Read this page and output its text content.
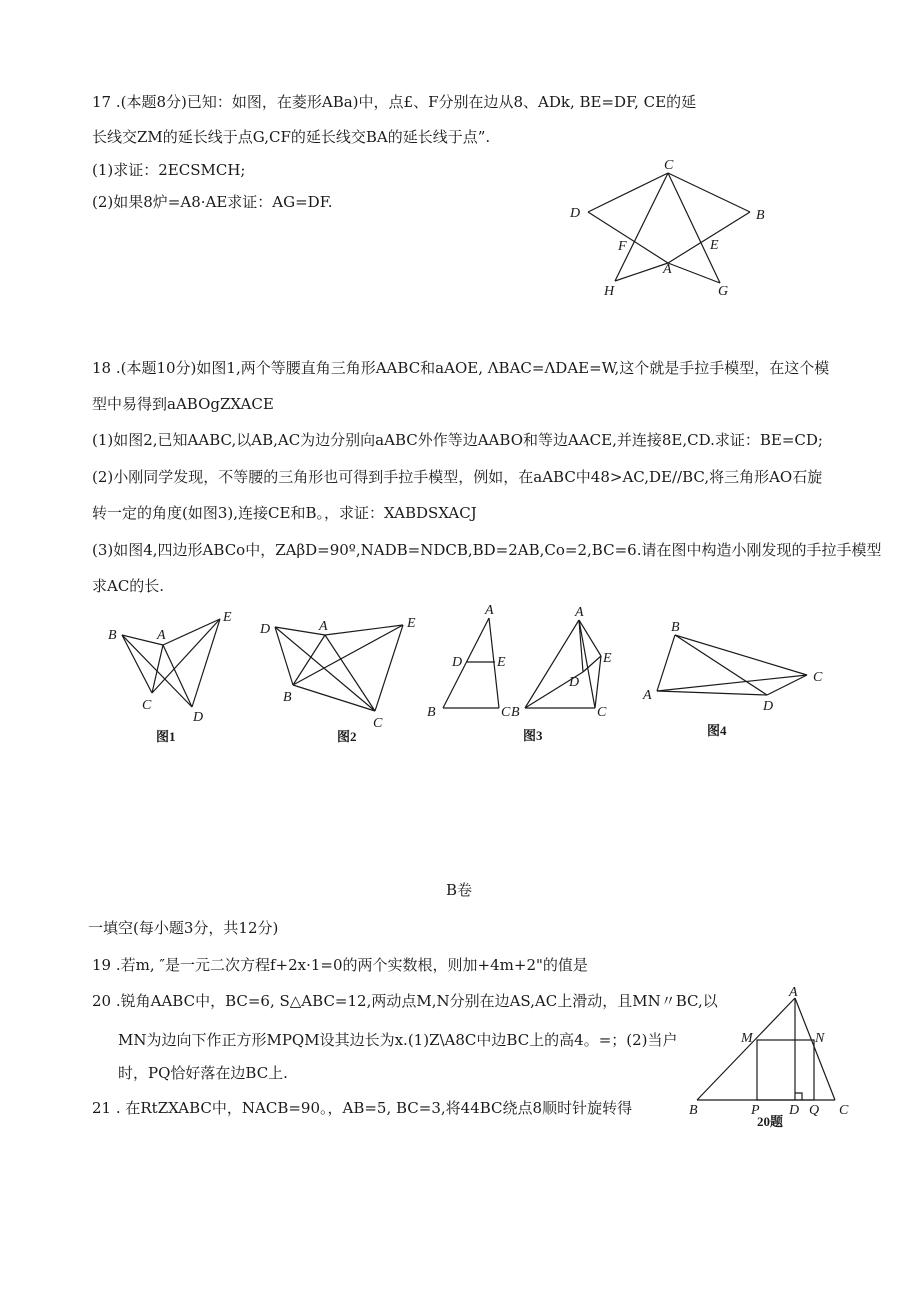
17 .(本题8分)已知：如图，在菱形ABa)中，点£、F分别在边从8、ADk, BE=DF, CE的延
长线交ZM的延长线于点G,CF的延长线交BA的延长线于点”.
(1)求证：2ECSMCH;
(2)如果8炉=A8·AE求证：AG=DF.
C
D	B
F	E
A
H	G
18 .(本题10分)如图1,两个等腰直角三角形AABC和aAOE, ΛBAC=ΛDAE=W,这个就是手拉手模型，在这个模
型中易得到aABOgZXACE
(1)如图2,已知AABC,以AB,AC为边分别向aABC外作等边AABO和等边AACE,并连接8E,CD.求证：BE=CD;
(2)小刚同学发现，不等腰的三角形也可得到手拉手模型，例如，在aABC中48>AC,DE//BC,将三角形AO石旋
转一定的角度(如图3),连接CE和B。，求证：XABDSXACJ
(3)如图4,四边形ABCo中，ZAβD=90º,NADB=NDCB,BD=2AB,Co=2,BC=6.请在图中构造小刚发现的手拉手模型
求AC的长.
B	A
E
C
D
图1
D	A	E
B
C
图2
A
D E
B	C
A
E
D
B	C
图3
B
A
C
D
图4
B卷
一填空(每小题3分，共12分)
19 .若m, ″是一元二次方程f+2x·1=0的两个实数根，则加+4m+2"的值是
20 .锐角AABC中，BC=6, S△ABC=12,两动点M,N分别在边AS,AC上滑动，且MN〃BC,以
MN为边向下作正方形MPQM设其边长为x.(1)Z\A8C中边BC上的高4。=；(2)当户
时，PQ恰好落在边BC上.
A
M	N
B	P D Q C
20题
21 . 在RtZXABC中，NACB=90。，AB=5, BC=3,将44BC绕点8顺时针旋转得
